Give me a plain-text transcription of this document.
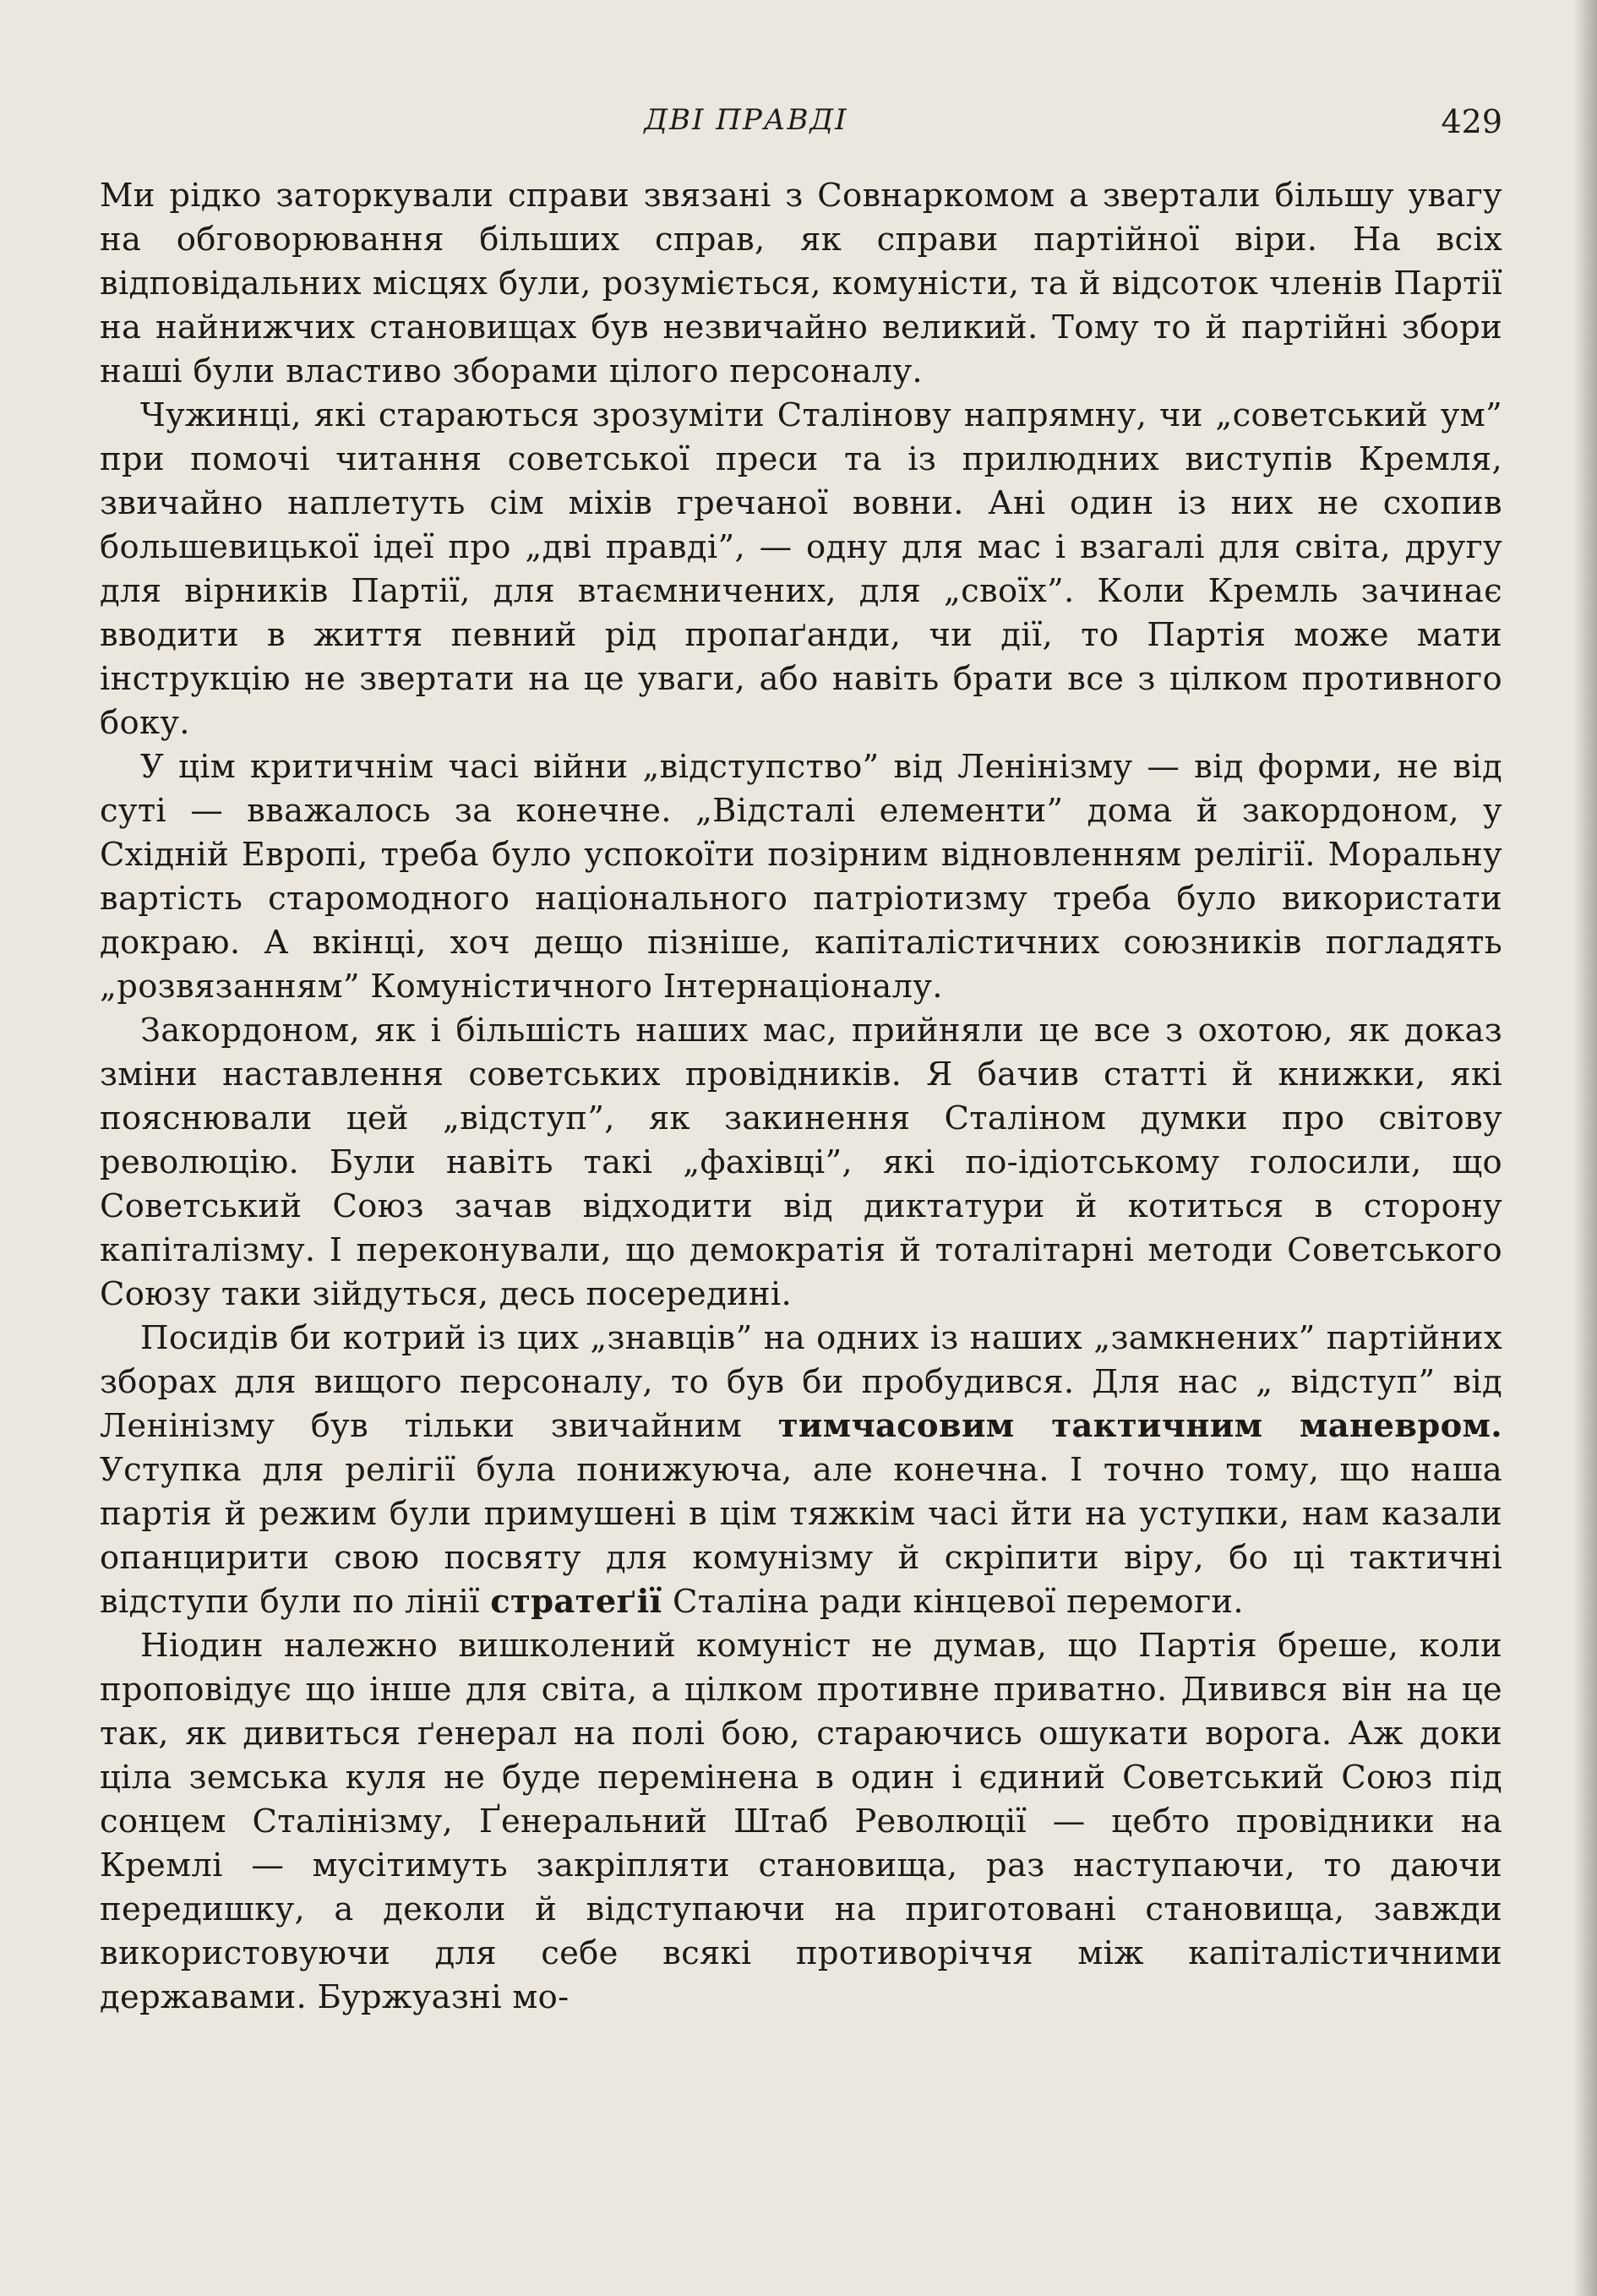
ДВІ ПРАВДІ	429

Ми рідко заторкували справи звязані з Совнаркомом а звертали більшу увагу на обговорювання більших справ, як справи партійної віри. На всіх відповідальних місцях були, розуміється, комуністи, та й відсоток членів Партії на найнижчих становищах був незвичайно великий. Тому то й партійні збори наші були властиво зборами цілого персоналу.

Чужинці, які стараються зрозуміти Сталінову напрямну, чи „советський ум” при помочі читання советської преси та із прилюдних виступів Кремля, звичайно наплетуть сім міхів гречаної вовни. Ані один із них не схопив большевицької ідеї про „дві правді”, — одну для мас і взагалі для світа, другу для вірників Партії, для втаємничених, для „своїх”. Коли Кремль зачинає вводити в життя певний рід пропаґанди, чи дії, то Партія може мати інструкцію не звертати на це уваги, або навіть брати все з цілком противного боку.

У цім критичнім часі війни „відступство” від Ленінізму — від форми, не від суті — вважалось за конечне. „Відсталі елементи” дома й закордоном, у Східній Европі, треба було успокоїти позірним відновленням релігії. Моральну вартість старомодного національного патріотизму треба було використати докраю. А вкінці, хоч дещо пізніше, капіталістичних союзників погладять „розвязанням” Комуністичного Інтернаціоналу.

Закордоном, як і більшість наших мас, прийняли це все з охотою, як доказ зміни наставлення советських провідників. Я бачив статті й книжки, які пояснювали цей „відступ”, як закинення Сталіном думки про світову революцію. Були навіть такі „фахівці”, які по-ідіотському голосили, що Советський Союз зачав відходити від диктатури й котиться в сторону капіталізму. І переконували, що демократія й тоталітарні методи Советського Союзу таки зійдуться, десь посередині.

Посидів би котрий із цих „знавців” на одних із наших „замкнених” партійних зборах для вищого персоналу, то був би пробудився. Для нас „ відступ” від Ленінізму був тільки звичайним тимчасовим тактичним маневром. Уступка для релігії була понижуюча, але конечна. І точно тому, що наша партія й режим були примушені в цім тяжкім часі йти на уступки, нам казали опанцирити свою посвяту для комунізму й скріпити віру, бо ці тактичні відступи були по лінії стратеґії Сталіна ради кінцевої перемоги.

Ніодин належно вишколений комуніст не думав, що Партія бреше, коли проповідує що інше для світа, а цілком противне приватно. Дивився він на це так, як дивиться ґенерал на полі бою, стараючись ошукати ворога. Аж доки ціла земська куля не буде перемінена в один і єдиний Советський Союз під сонцем Сталінізму, Ґенеральний Штаб Революції — цебто провідники на Кремлі — мусітимуть закріпляти становища, раз наступаючи, то даючи передишку, а деколи й відступаючи на приготовані становища, завжди використовуючи для себе всякі противоріччя між капіталістичними державами. Буржуазні мо-
